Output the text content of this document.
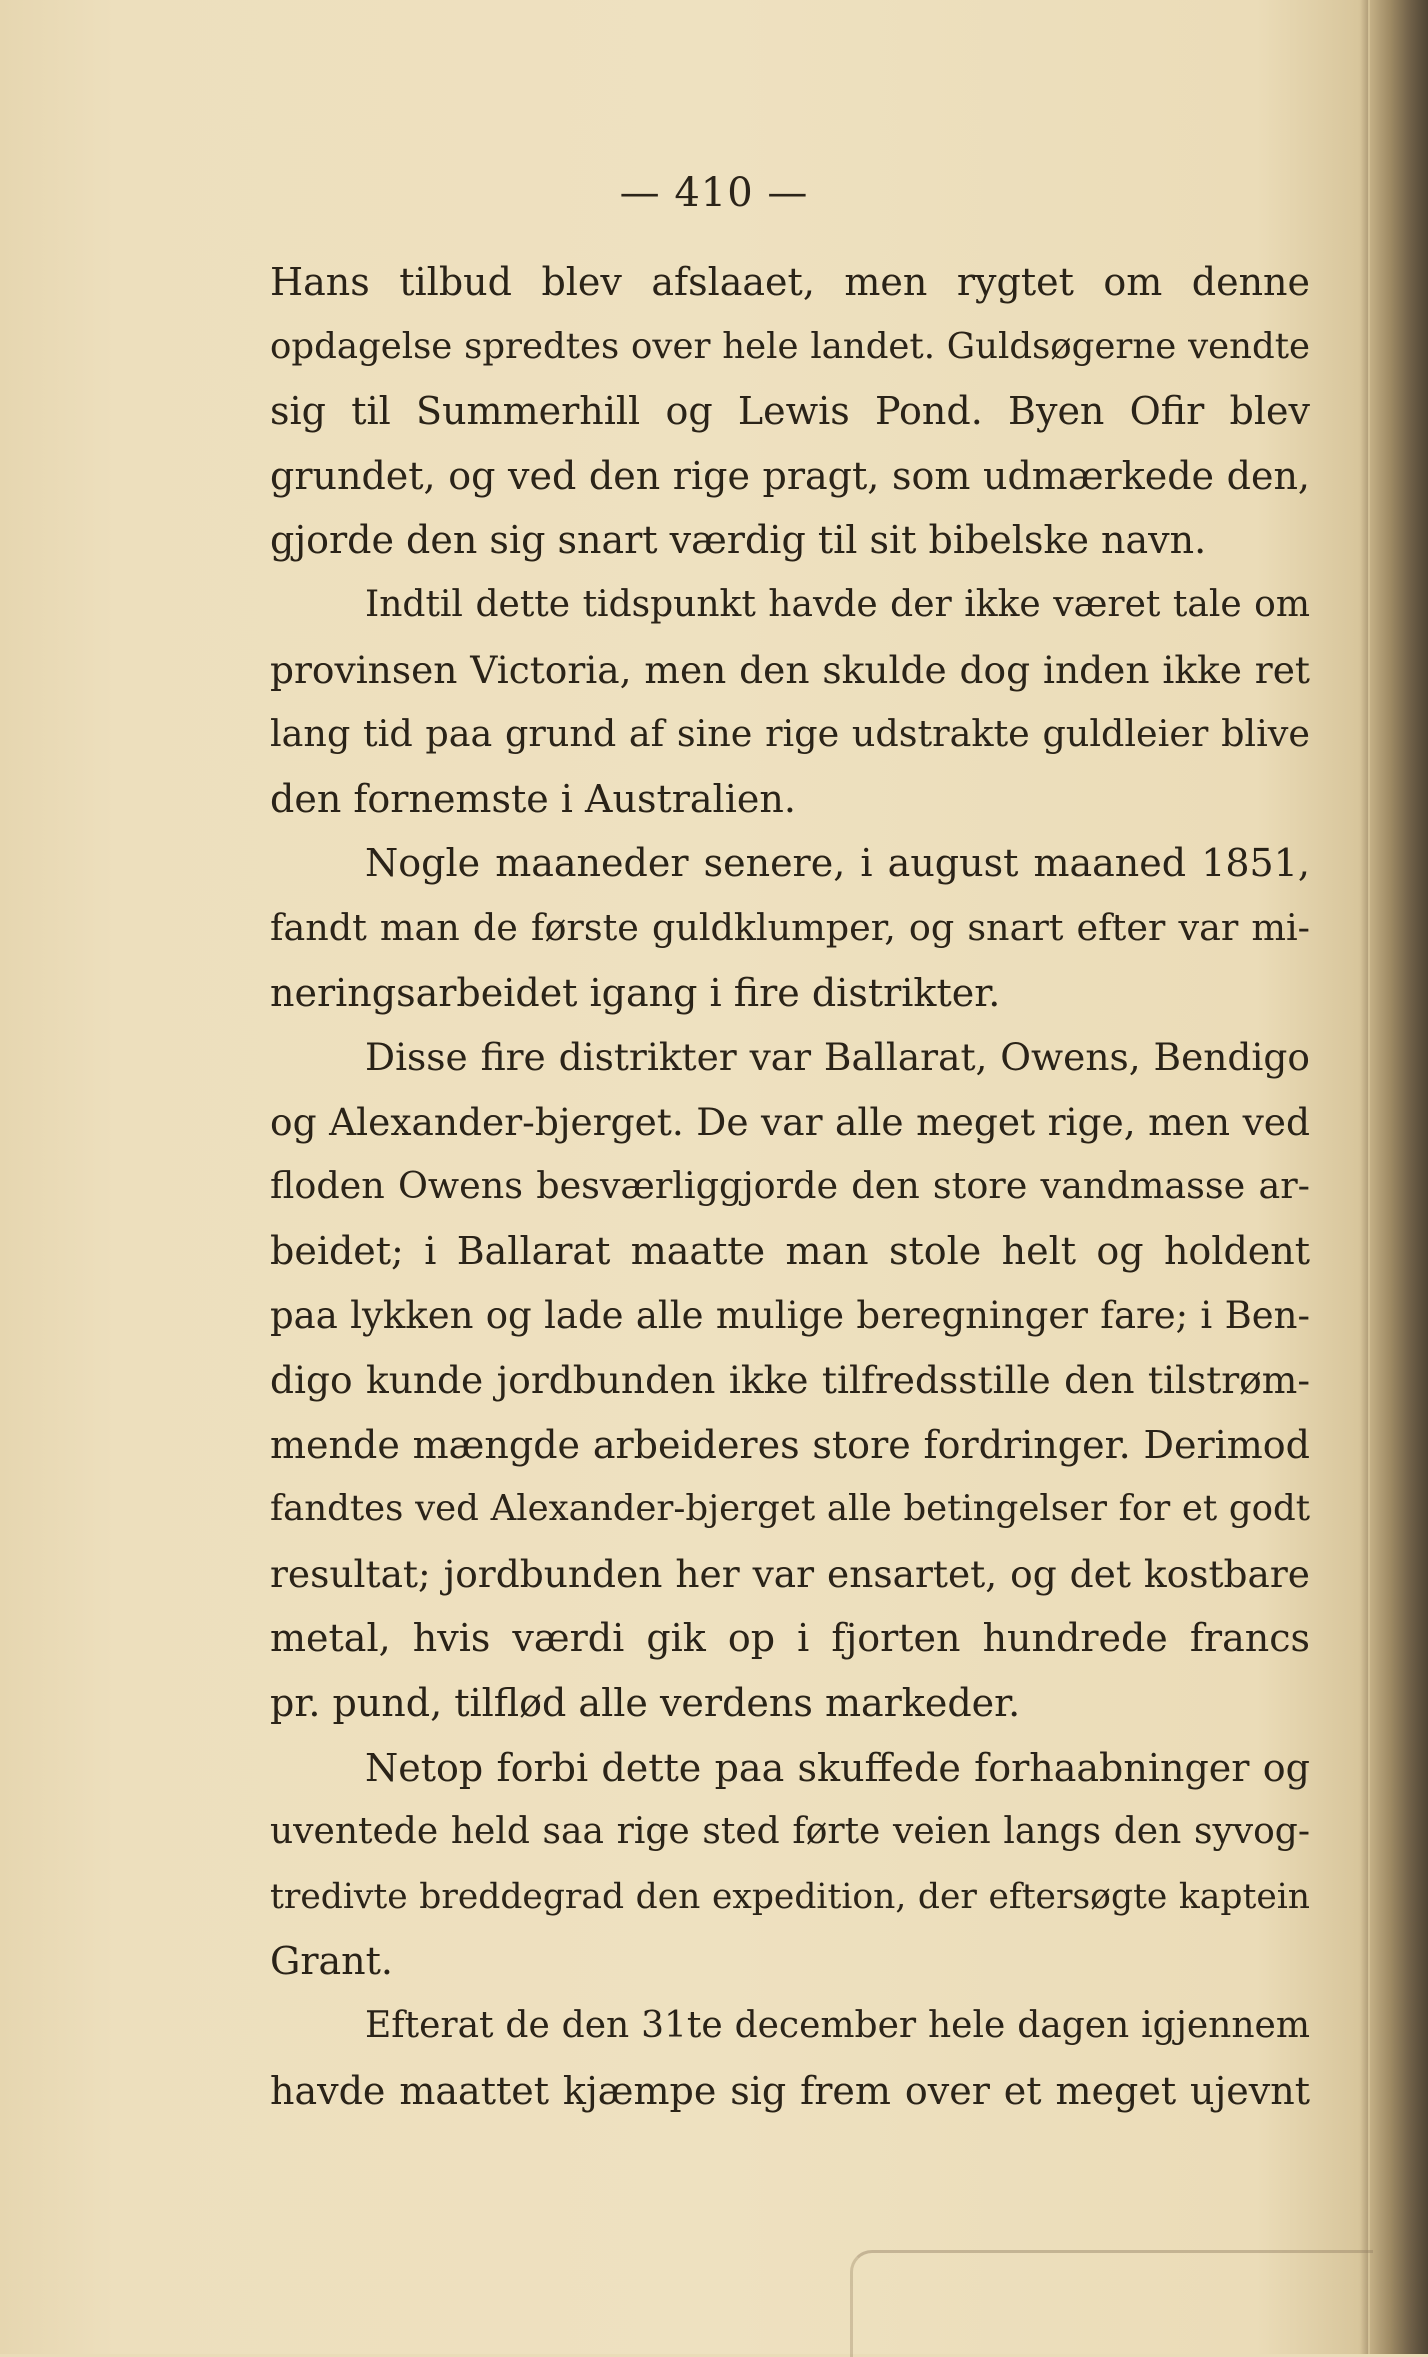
— 410 —
Hans tilbud blev afslaaet, men rygtet om denne
opdagelse spredtes over hele landet. Guldsøgerne vendte
sig til Summerhill og Lewis Pond. Byen Ofir blev
grundet, og ved den rige pragt, som udmærkede den,
gjorde den sig snart værdig til sit bibelske navn.
Indtil dette tidspunkt havde der ikke været tale om
provinsen Victoria, men den skulde dog inden ikke ret
lang tid paa grund af sine rige udstrakte guldleier blive
den fornemste i Australien.
Nogle maaneder senere, i august maaned 1851,
fandt man de første guldklumper, og snart efter var mi-
neringsarbeidet igang i fire distrikter.
Disse fire distrikter var Ballarat, Owens, Bendigo
og Alexander-bjerget. De var alle meget rige, men ved
floden Owens besværliggjorde den store vandmasse ar-
beidet; i Ballarat maatte man stole helt og holdent
paa lykken og lade alle mulige beregninger fare; i Ben-
digo kunde jordbunden ikke tilfredsstille den tilstrøm-
mende mængde arbeideres store fordringer. Derimod
fandtes ved Alexander-bjerget alle betingelser for et godt
resultat; jordbunden her var ensartet, og det kostbare
metal, hvis værdi gik op i fjorten hundrede francs
pr. pund, tilflød alle verdens markeder.
Netop forbi dette paa skuffede forhaabninger og
uventede held saa rige sted førte veien langs den syvog-
tredivte breddegrad den expedition, der eftersøgte kaptein
Grant.
Efterat de den 31te december hele dagen igjennem
havde maattet kjæmpe sig frem over et meget ujevnt
